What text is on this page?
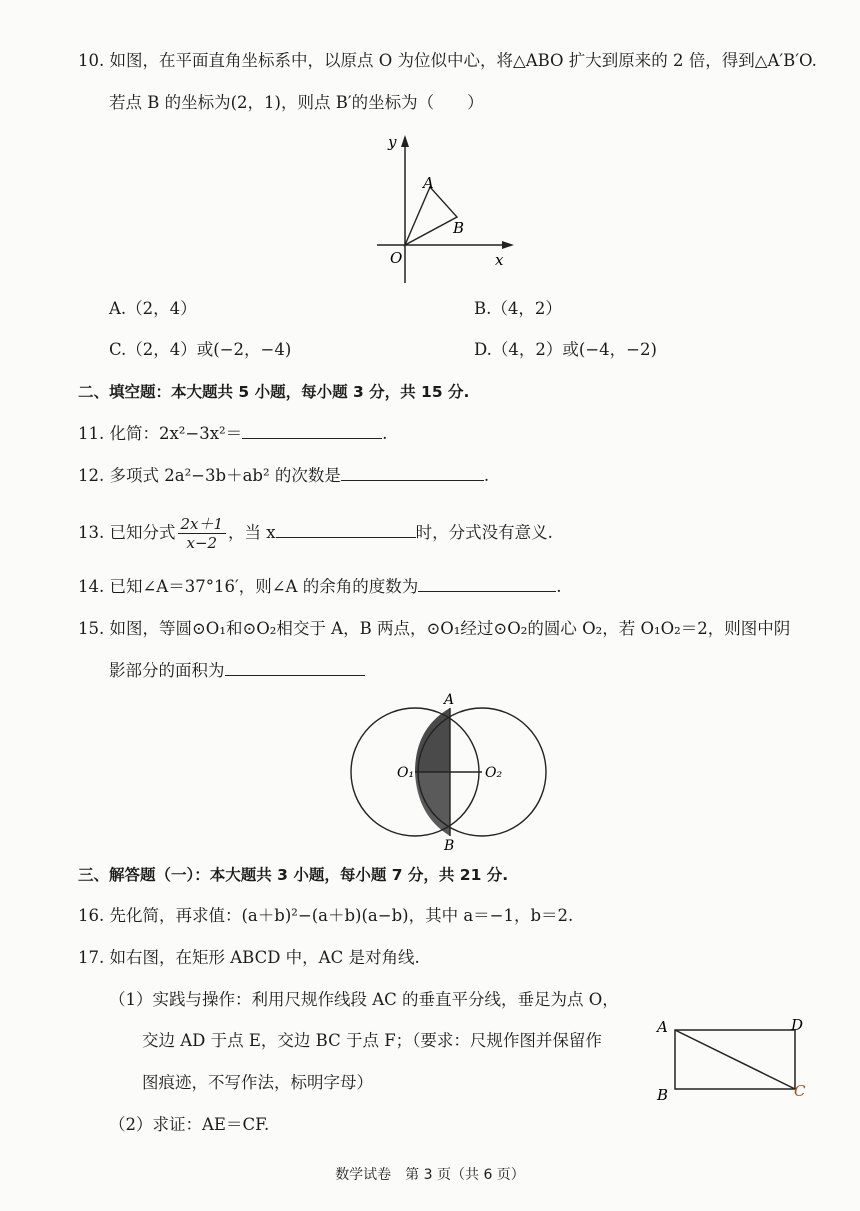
10. 如图，在平面直角坐标系中，以原点 O 为位似中心，将△ABO 扩大到原来的 2 倍，得到△A′B′O.
若点 B 的坐标为(2，1)，则点 B′的坐标为（　　）
y
x
O
A
B
A.（2，4）	B.（4，2）
C.（2，4）或(−2，−4)	D.（4，2）或(−4，−2)
二、填空题：本大题共 5 小题，每小题 3 分，共 15 分.
11. 化简：2x²−3x²＝	.
12. 多项式 2a²−3b＋ab² 的次数是	.
13. 已知分式 $\frac{2x+1}{x-2}$ ，当 x	时，分式没有意义.
14. 已知∠A＝37°16′，则∠A 的余角的度数为	.
15. 如图，等圆⊙O₁和⊙O₂相交于 A，B 两点，⊙O₁经过⊙O₂的圆心 O₂，若 O₁O₂＝2，则图中阴
影部分的面积为
A
B
O₁	O₂
三、解答题（一）：本大题共 3 小题，每小题 7 分，共 21 分.
16. 先化简，再求值：(a＋b)²−(a＋b)(a−b)，其中 a＝−1，b＝2.
17. 如右图，在矩形 ABCD 中，AC 是对角线.
（1）实践与操作：利用尺规作线段 AC 的垂直平分线，垂足为点 O，
交边 AD 于点 E，交边 BC 于点 F；（要求：尺规作图并保留作
图痕迹，不写作法，标明字母）
（2）求证：AE＝CF.
A	D
B	C
数学试卷　第 3 页（共 6 页）
